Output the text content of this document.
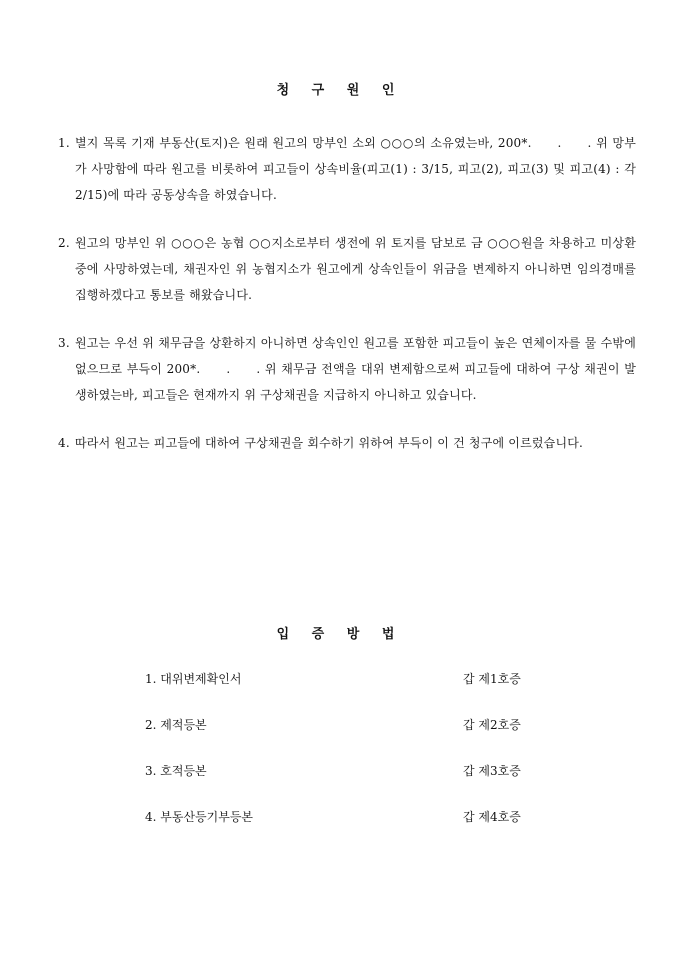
청 구 원 인
1. 별지 목록 기재 부동산(토지)은 원래 원고의 망부인 소외 ○○○의 소유였는바, 200*.　　.　　. 위 망부가 사망함에 따라 원고를 비롯하여 피고들이 상속비율(피고(1) : 3/15, 피고(2), 피고(3) 및 피고(4) : 각 2/15)에 따라 공동상속을 하였습니다.
2. 원고의 망부인 위 ○○○은 농협 ○○지소로부터 생전에 위 토지를 담보로 금 ○○○원을 차용하고 미상환중에 사망하였는데, 채권자인 위 농협지소가 원고에게 상속인들이 위금을 변제하지 아니하면 임의경매를 집행하겠다고 통보를 해왔습니다.
3. 원고는 우선 위 채무금을 상환하지 아니하면 상속인인 원고를 포함한 피고들이 높은 연체이자를 물 수밖에 없으므로 부득이 200*.　　.　　. 위 채무금 전액을 대위 변제함으로써 피고들에 대하여 구상 채권이 발생하였는바, 피고들은 현재까지 위 구상채권을 지급하지 아니하고 있습니다.
4. 따라서 원고는 피고들에 대하여 구상채권을 회수하기 위하여 부득이 이 건 청구에 이르렀습니다.
입 증 방 법
1. 대위변제확인서	갑 제1호증
2. 제적등본	갑 제2호증
3. 호적등본	갑 제3호증
4. 부동산등기부등본	갑 제4호증
